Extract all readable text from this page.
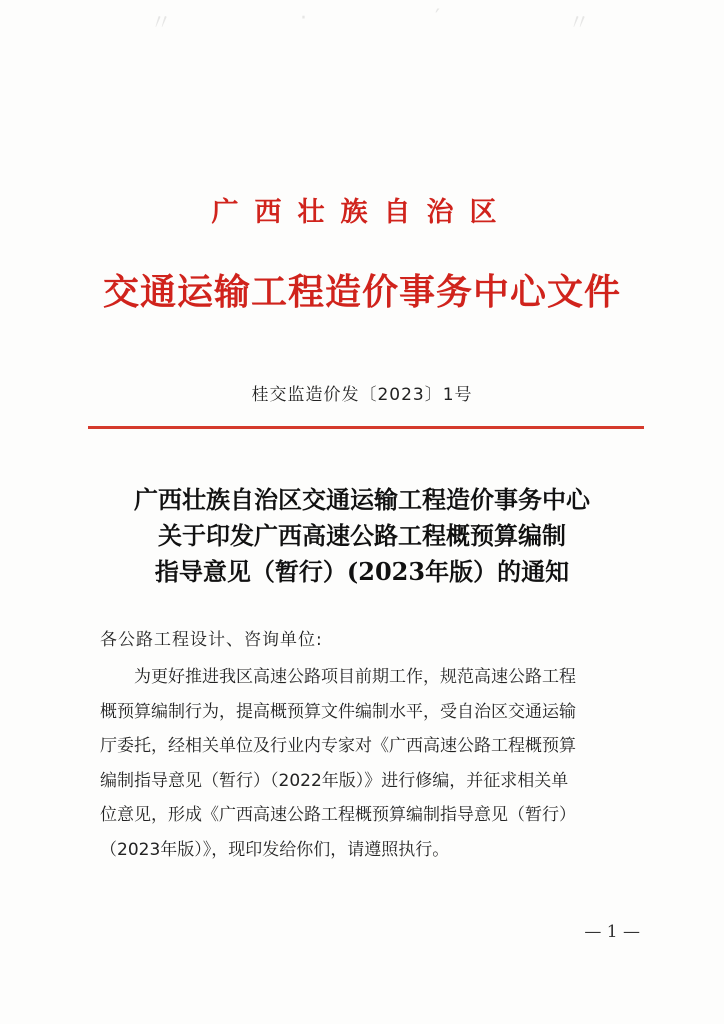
〃	·	′	〃
广西壮族自治区
交通运输工程造价事务中心文件
桂交监造价发〔2023〕1号
广西壮族自治区交通运输工程造价事务中心
关于印发广西高速公路工程概预算编制
指导意见（暂行）(2023年版）的通知
各公路工程设计、咨询单位:
为更好推进我区高速公路项目前期工作，规范高速公路工程
概预算编制行为，提高概预算文件编制水平，受自治区交通运输
厅委托，经相关单位及行业内专家对《广西高速公路工程概预算
编制指导意见（暂行）（2022年版）》进行修编，并征求相关单
位意见，形成《广西高速公路工程概预算编制指导意见（暂行）
（2023年版）》，现印发给你们，请遵照执行。
— 1 —
